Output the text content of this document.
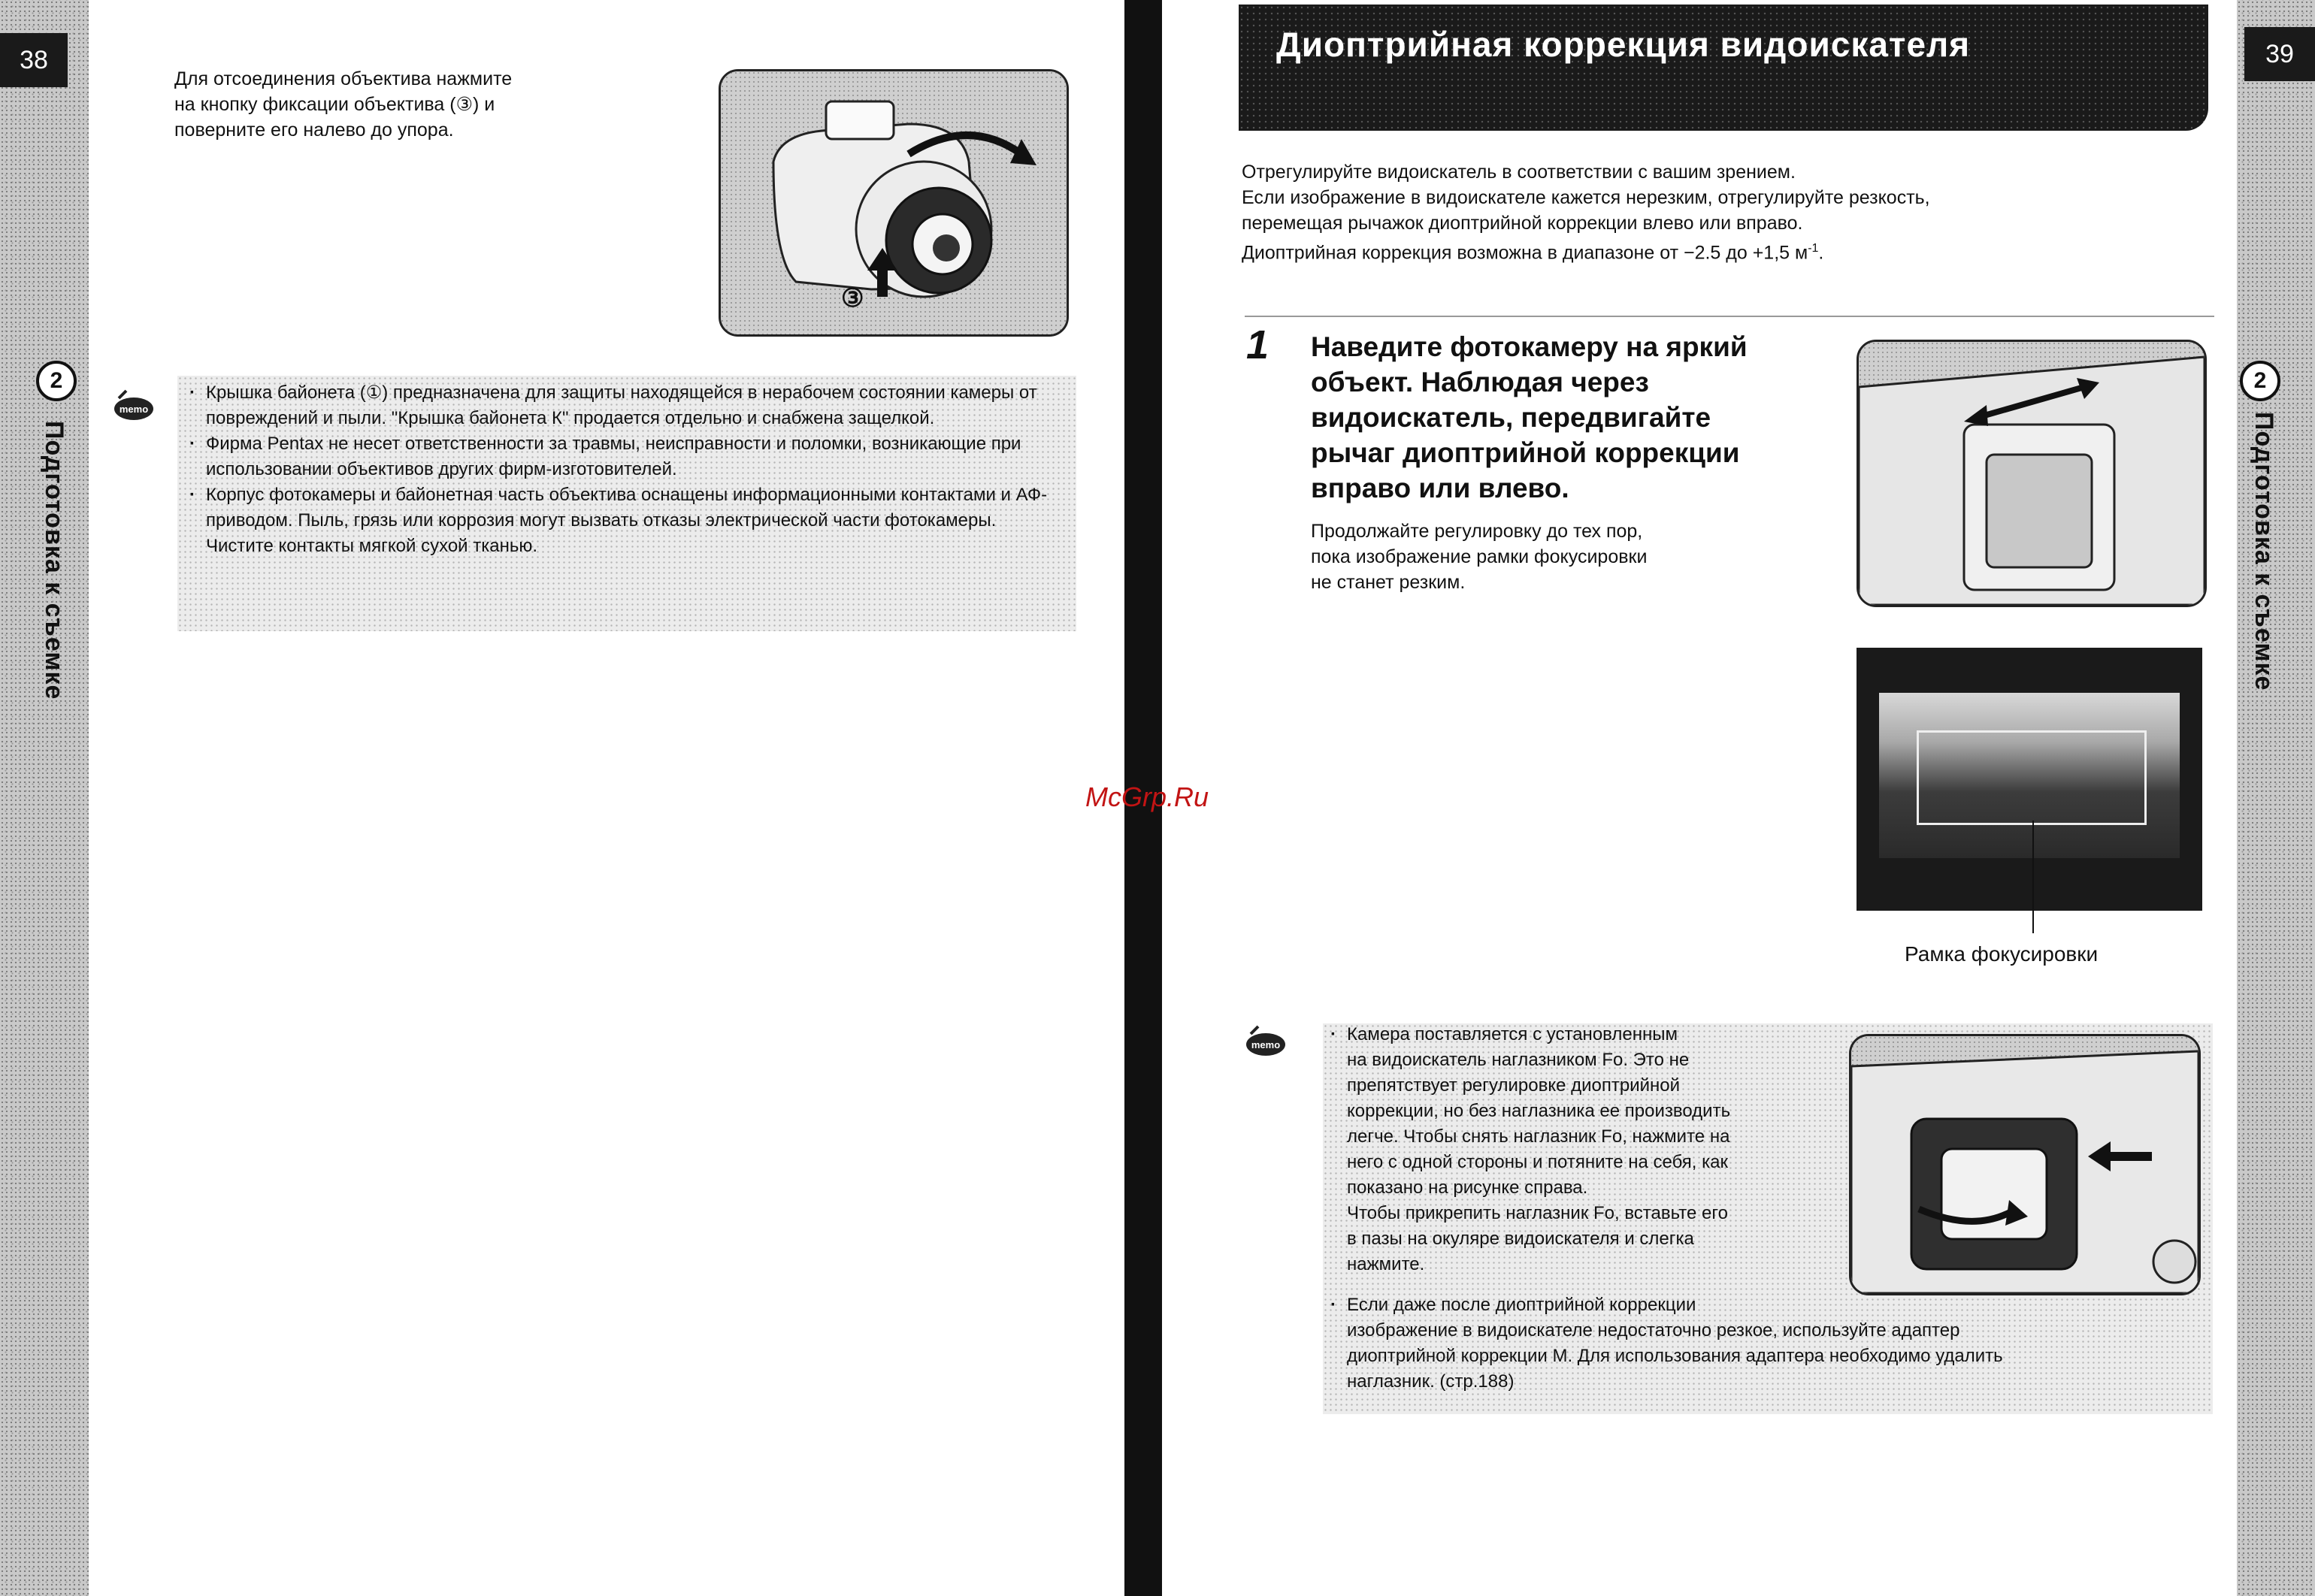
38
2
Подготовка к съемке
Для отсоединения объектива нажмите
на кнопку фиксации объектива (③) и
поверните его налево до упора.
③
memo
· Крышка байонета (①) предназначена для защиты находящейся в нерабочем состоянии камеры от повреждений и пыли. "Крышка байонета К" продается отдельно и снабжена защелкой.
· Фирма Pentax не несет ответственности за травмы, неисправности и поломки, возникающие при использовании объективов других фирм-изготовителей.
· Корпус фотокамеры и байонетная часть объектива оснащены информационными контактами и АФ-приводом. Пыль, грязь или коррозия могут вызвать отказы электрической части фотокамеры. Чистите контакты мягкой сухой тканью.
McGrp.Ru
Диоптрийная коррекция видоискателя	39
2
Подготовка к съемке
Отрегулируйте видоискатель в соответствии с вашим зрением.
Если изображение в видоискателе кажется нерезким, отрегулируйте резкость,
перемещая рычажок диоптрийной коррекции влево или вправо.
Диоптрийная коррекция возможна в диапазоне от −2.5 до +1,5 $м^{-1}$.
1 Наведите фотокамеру на яркий
объект. Наблюдая через
видоискатель, передвигайте
рычаг диоптрийной коррекции
вправо или влево.
Продолжайте регулировку до тех пор,
пока изображение рамки фокусировки
не станет резким.
Рамка фокусировки
memo
· Камера поставляется с установленным
на видоискатель наглазником Fo. Это не
препятствует регулировке диоптрийной
коррекции, но без наглазника ее производить
легче. Чтобы снять наглазник Fo, нажмите на
него с одной стороны и потяните на себя, как
показано на рисунке справа.
Чтобы прикрепить наглазник Fo, вставьте его
в пазы на окуляре видоискателя и слегка
нажмите.
· Если даже после диоптрийной коррекции
изображение в видоискателе недостаточно резкое, используйте адаптер
диоптрийной коррекции М. Для использования адаптера необходимо удалить
наглазник. (стр.188)
